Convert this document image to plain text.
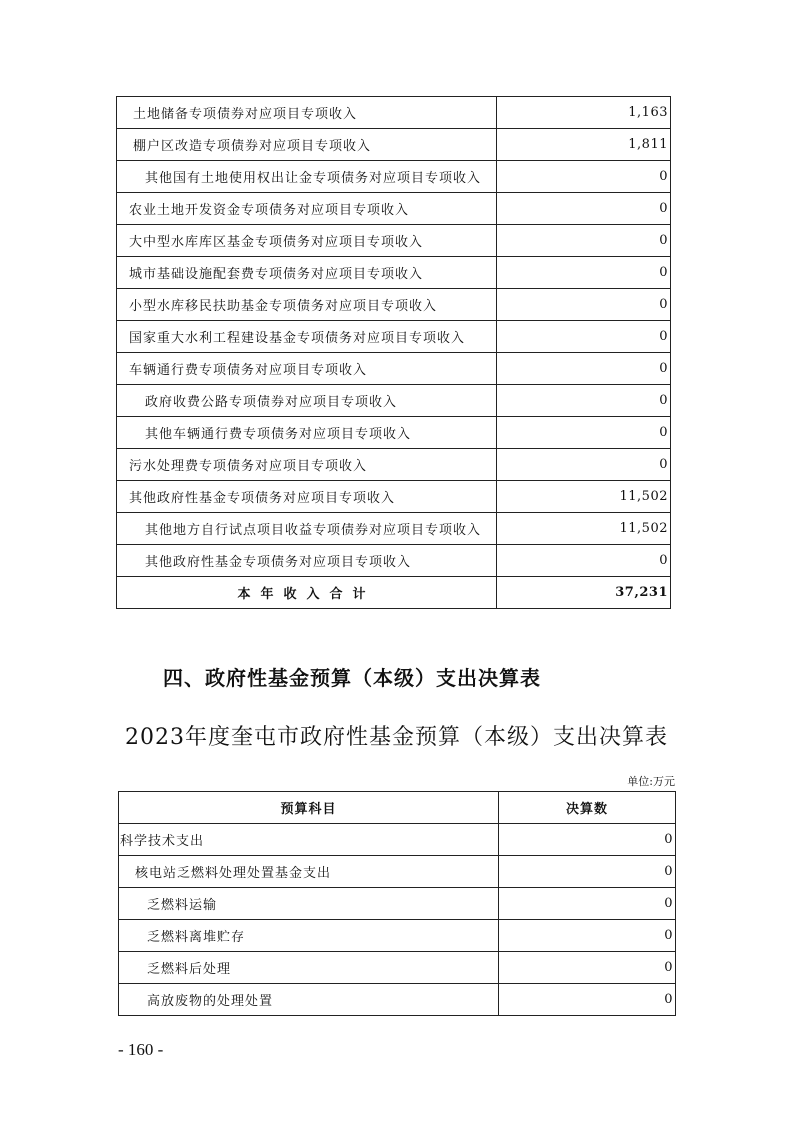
土地储备专项债券对应项目专项收入	1,163
棚户区改造专项债券对应项目专项收入	1,811
其他国有土地使用权出让金专项债务对应项目专项收入	0
农业土地开发资金专项债务对应项目专项收入	0
大中型水库库区基金专项债务对应项目专项收入	0
城市基础设施配套费专项债务对应项目专项收入	0
小型水库移民扶助基金专项债务对应项目专项收入	0
国家重大水利工程建设基金专项债务对应项目专项收入	0
车辆通行费专项债务对应项目专项收入	0
政府收费公路专项债券对应项目专项收入	0
其他车辆通行费专项债务对应项目专项收入	0
污水处理费专项债务对应项目专项收入	0
其他政府性基金专项债务对应项目专项收入	11,502
其他地方自行试点项目收益专项债券对应项目专项收入	11,502
其他政府性基金专项债务对应项目专项收入	0
本年收入合计	37,231
四、政府性基金预算（本级）支出决算表
2023年度奎屯市政府性基金预算（本级）支出决算表
单位:万元
预算科目	决算数
科学技术支出	0
核电站乏燃料处理处置基金支出	0
乏燃料运输	0
乏燃料离堆贮存	0
乏燃料后处理	0
高放废物的处理处置	0
- 160 -
